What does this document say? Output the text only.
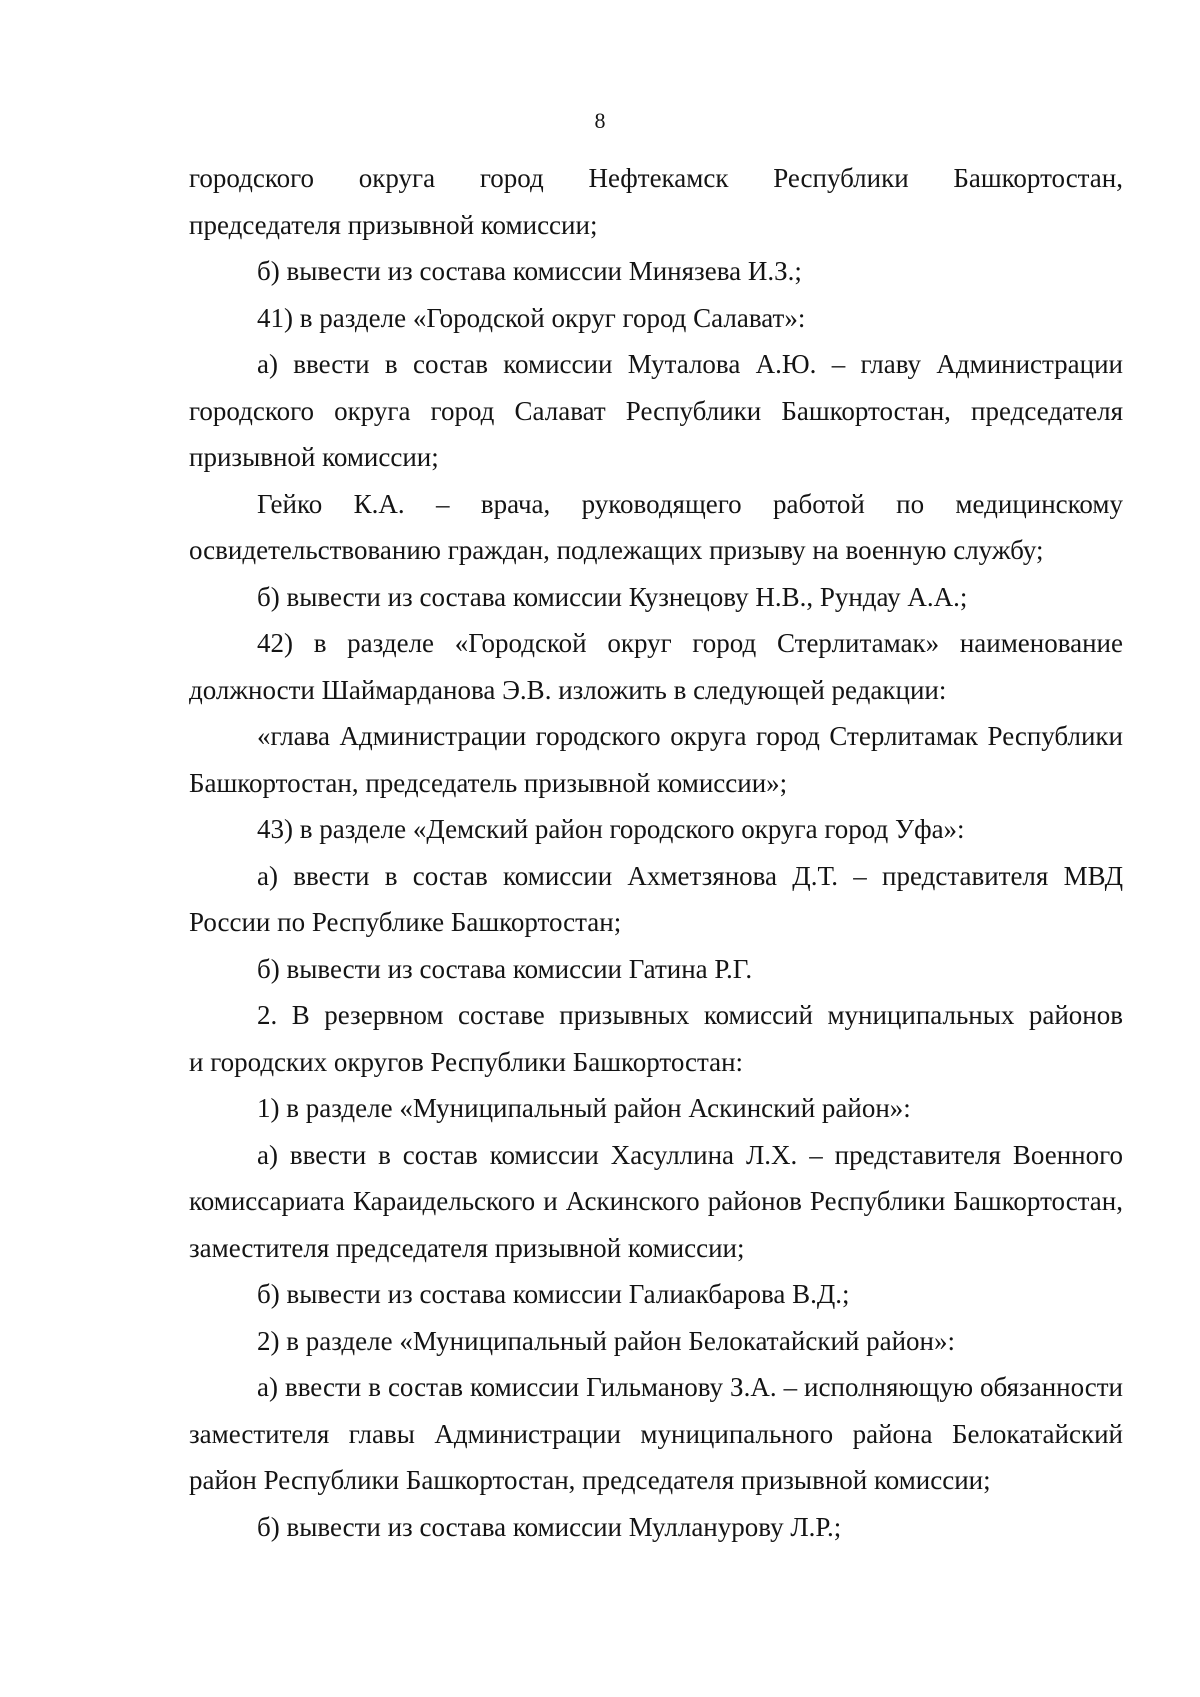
8

городского округа город Нефтекамск Республики Башкортостан,

председателя призывной комиссии;

б) вывести из состава комиссии Минязева И.З.;

41) в разделе «Городской округ город Салават»:

а) ввести в состав комиссии Муталова А.Ю. – главу Администрации

городского округа город Салават Республики Башкортостан, председателя

призывной комиссии;

Гейко К.А. – врача, руководящего работой по медицинскому

освидетельствованию граждан, подлежащих призыву на военную службу;

б) вывести из состава комиссии Кузнецову Н.В., Рундау А.А.;

42) в разделе «Городской округ город Стерлитамак» наименование

должности Шаймарданова Э.В. изложить в следующей редакции:

«глава Администрации городского округа город Стерлитамак Республики

Башкортостан, председатель призывной комиссии»;

43) в разделе «Демский район городского округа город Уфа»:

а) ввести в состав комиссии Ахметзянова Д.Т. – представителя МВД

России по Республике Башкортостан;

б) вывести из состава комиссии Гатина Р.Г.

2. В резервном составе призывных комиссий муниципальных районов

и городских округов Республики Башкортостан:

1) в разделе «Муниципальный район Аскинский район»:

а) ввести в состав комиссии Хасуллина Л.Х. – представителя Военного

комиссариата Караидельского и Аскинского районов Республики Башкортостан,

заместителя председателя призывной комиссии;

б) вывести из состава комиссии Галиакбарова В.Д.;

2) в разделе «Муниципальный район Белокатайский район»:

а) ввести в состав комиссии Гильманову З.А. – исполняющую обязанности

заместителя главы Администрации муниципального района Белокатайский

район Республики Башкортостан, председателя призывной комиссии;

б) вывести из состава комиссии Мулланурову Л.Р.;
